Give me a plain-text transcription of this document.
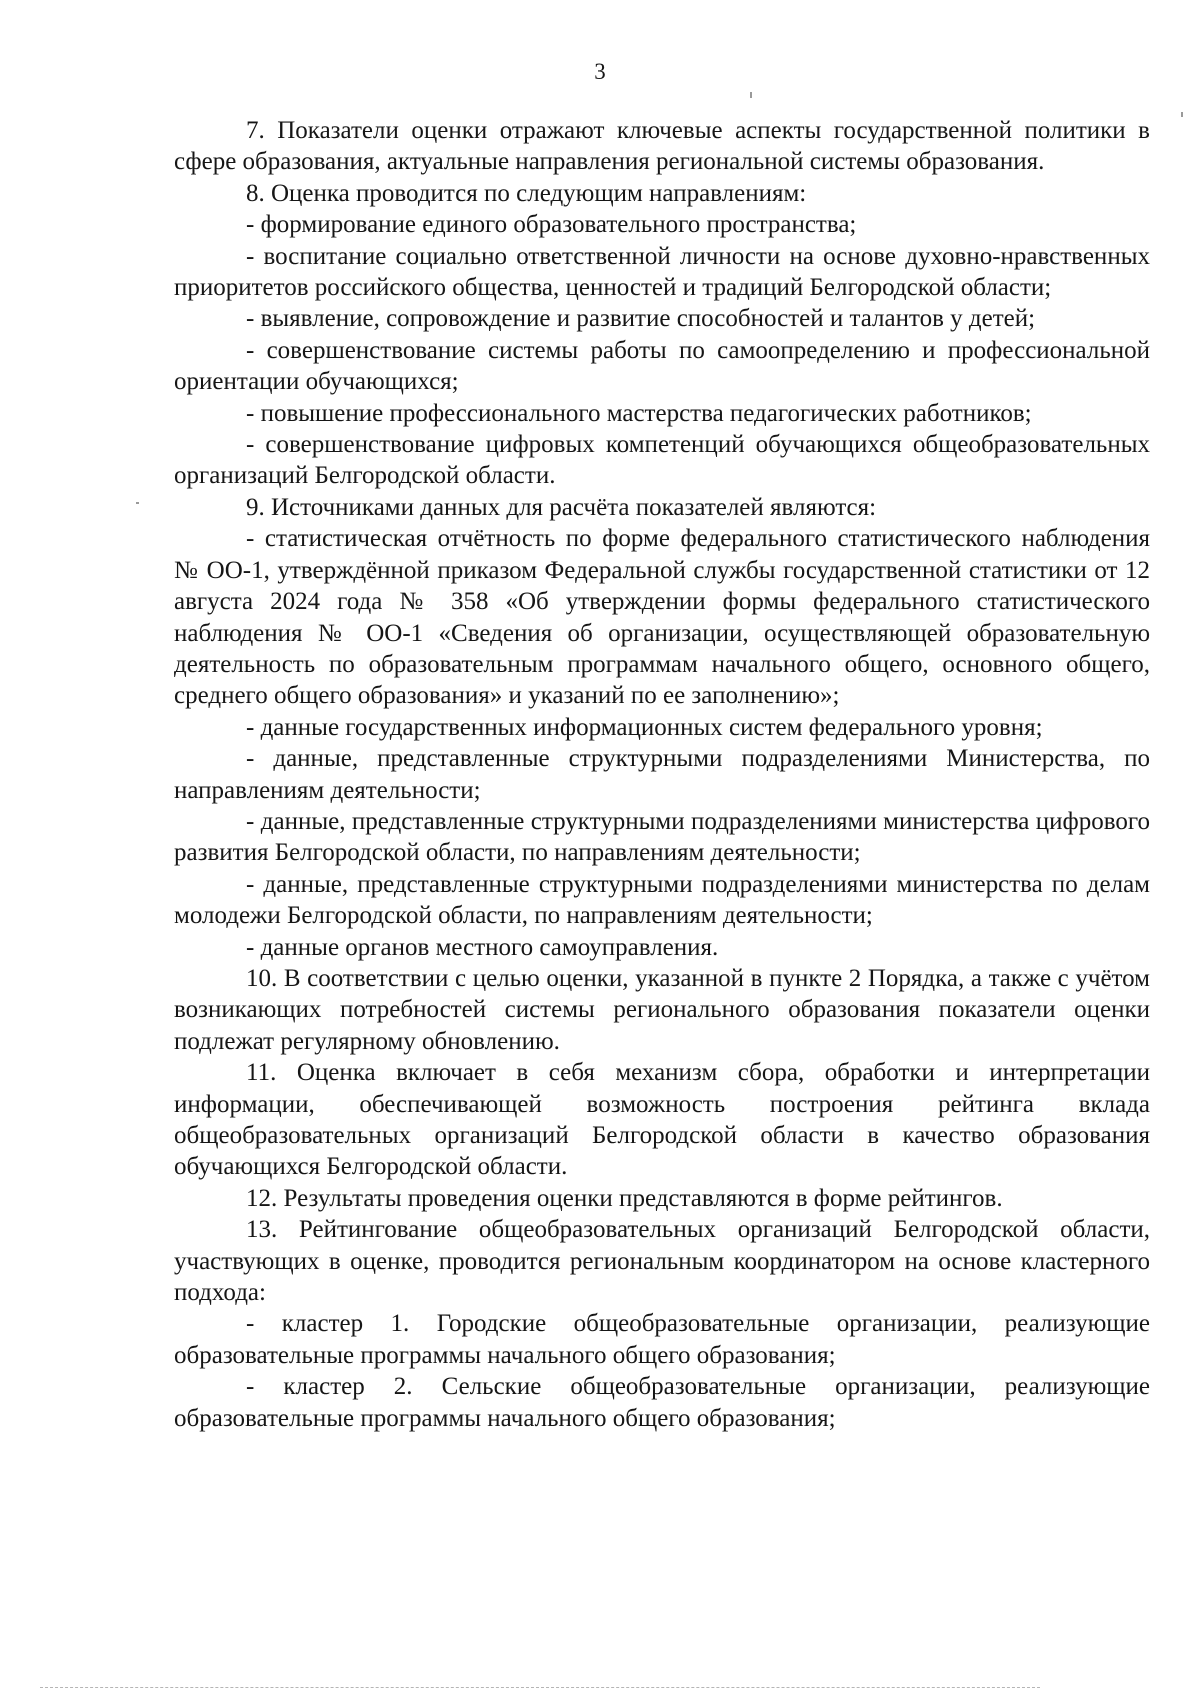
3

7. Показатели оценки отражают ключевые аспекты государственной политики в сфере образования, актуальные направления региональной системы образования.

8. Оценка проводится по следующим направлениям:

- формирование единого образовательного пространства;

- воспитание социально ответственной личности на основе духовно-нравственных приоритетов российского общества, ценностей и традиций Белгородской области;

- выявление, сопровождение и развитие способностей и талантов у детей;

- совершенствование системы работы по самоопределению и профессиональной ориентации обучающихся;

- повышение профессионального мастерства педагогических работников;

- совершенствование цифровых компетенций обучающихся общеобразовательных организаций Белгородской области.

9. Источниками данных для расчёта показателей являются:

- статистическая отчётность по форме федерального статистического наблюдения № ОО-1, утверждённой приказом Федеральной службы государственной статистики от 12 августа 2024 года № 358 «Об утверждении формы федерального статистического наблюдения № ОО-1 «Сведения об организации, осуществляющей образовательную деятельность по образовательным программам начального общего, основного общего, среднего общего образования» и указаний по ее заполнению»;

- данные государственных информационных систем федерального уровня;

- данные, представленные структурными подразделениями Министерства, по направлениям деятельности;

- данные, представленные структурными подразделениями министерства цифрового развития Белгородской области, по направлениям деятельности;

- данные, представленные структурными подразделениями министерства по делам молодежи Белгородской области, по направлениям деятельности;

- данные органов местного самоуправления.

10. В соответствии с целью оценки, указанной в пункте 2 Порядка, а также с учётом возникающих потребностей системы регионального образования показатели оценки подлежат регулярному обновлению.

11. Оценка включает в себя механизм сбора, обработки и интерпретации информации, обеспечивающей возможность построения рейтинга вклада общеобразовательных организаций Белгородской области в качество образования обучающихся Белгородской области.

12. Результаты проведения оценки представляются в форме рейтингов.

13. Рейтингование общеобразовательных организаций Белгородской области, участвующих в оценке, проводится региональным координатором на основе кластерного подхода:

- кластер 1. Городские общеобразовательные организации, реализующие образовательные программы начального общего образования;

- кластер 2. Сельские общеобразовательные организации, реализующие образовательные программы начального общего образования;
